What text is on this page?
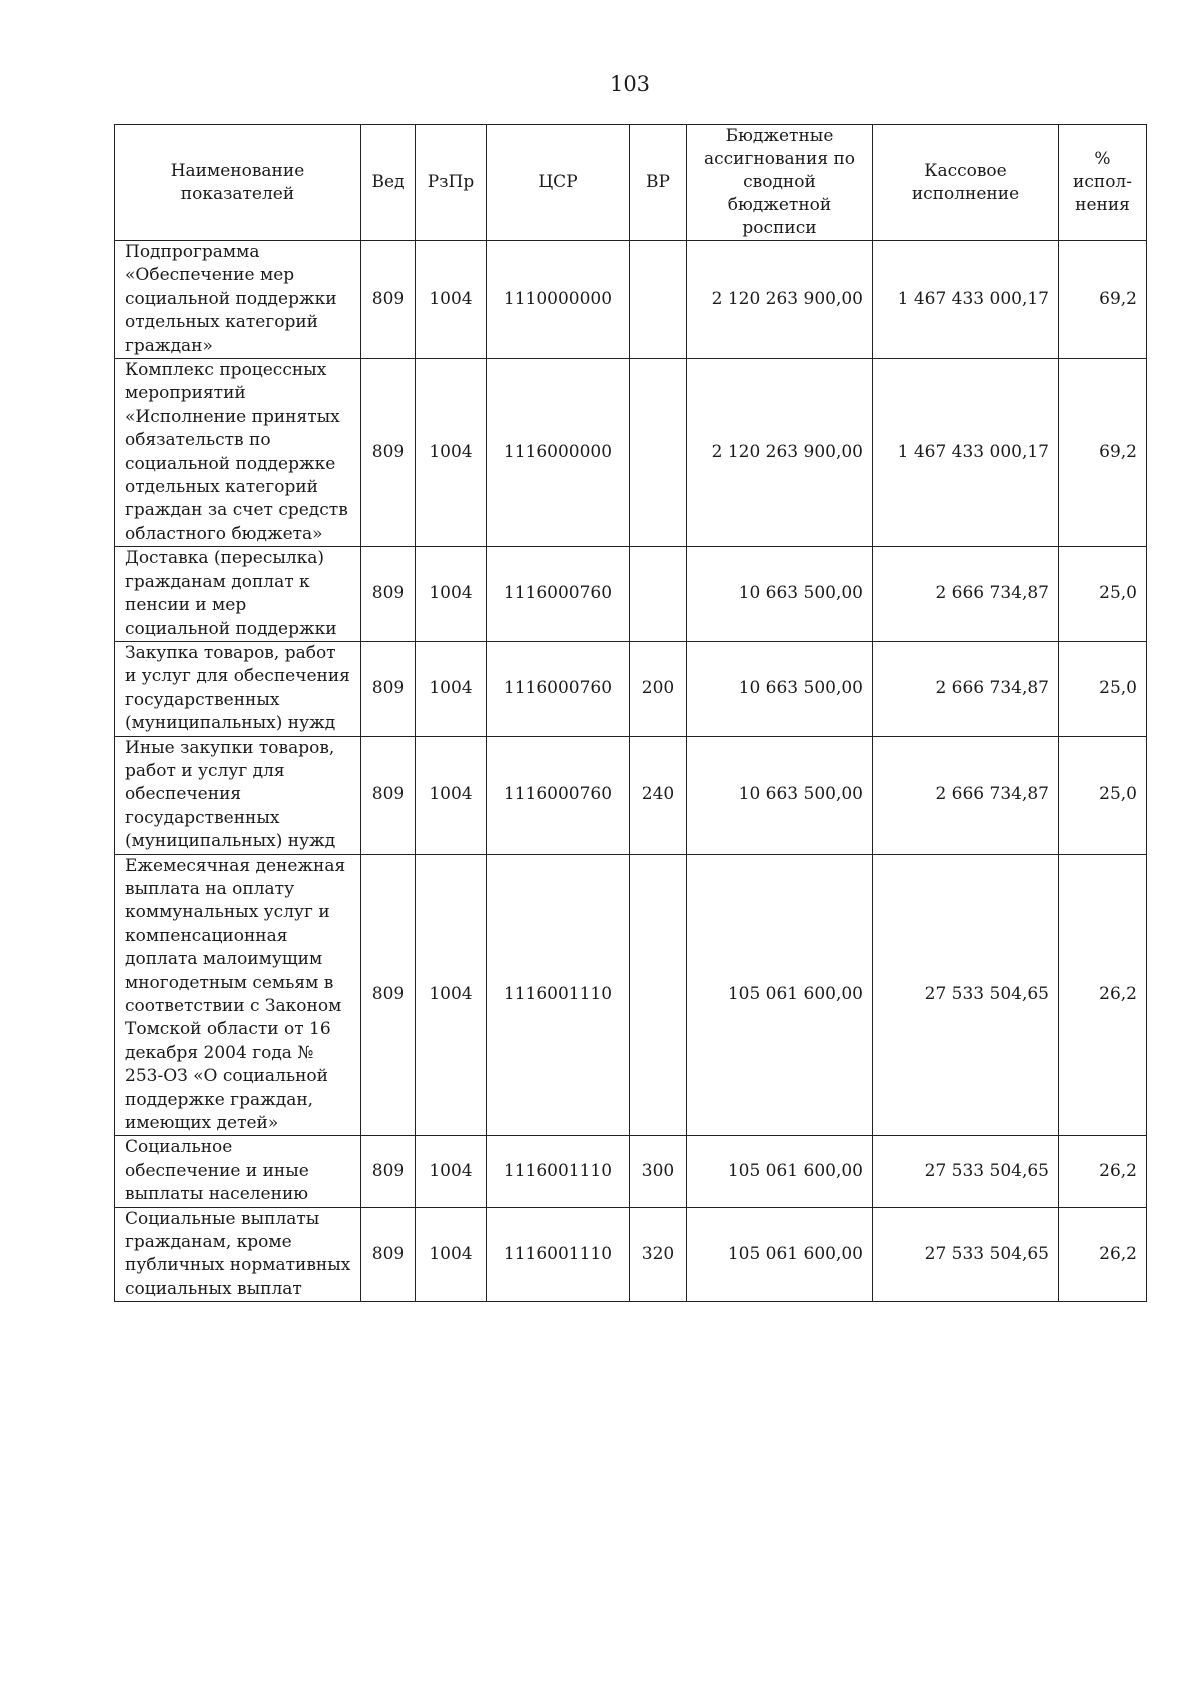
103
Наименование показателей	Вед	РзПр	ЦСР	ВР	Бюджетные ассигнования по сводной бюджетной росписи	Кассовое исполнение	% испол-нения
Подпрограмма «Обеспечение мер социальной поддержки отдельных категорий граждан»	809	1004	1110000000		2 120 263 900,00	1 467 433 000,17	69,2
Комплекс процессных мероприятий «Исполнение принятых обязательств по социальной поддержке отдельных категорий граждан за счет средств областного бюджета»	809	1004	1116000000		2 120 263 900,00	1 467 433 000,17	69,2
Доставка (пересылка) гражданам доплат к пенсии и мер социальной поддержки	809	1004	1116000760		10 663 500,00	2 666 734,87	25,0
Закупка товаров, работ и услуг для обеспечения государственных (муниципальных) нужд	809	1004	1116000760	200	10 663 500,00	2 666 734,87	25,0
Иные закупки товаров, работ и услуг для обеспечения государственных (муниципальных) нужд	809	1004	1116000760	240	10 663 500,00	2 666 734,87	25,0
Ежемесячная денежная выплата на оплату коммунальных услуг и компенсационная доплата малоимущим многодетным семьям в соответствии с Законом Томской области от 16 декабря 2004 года № 253-ОЗ «О социальной поддержке граждан, имеющих детей»	809	1004	1116001110		105 061 600,00	27 533 504,65	26,2
Социальное обеспечение и иные выплаты населению	809	1004	1116001110	300	105 061 600,00	27 533 504,65	26,2
Социальные выплаты гражданам, кроме публичных нормативных социальных выплат	809	1004	1116001110	320	105 061 600,00	27 533 504,65	26,2
